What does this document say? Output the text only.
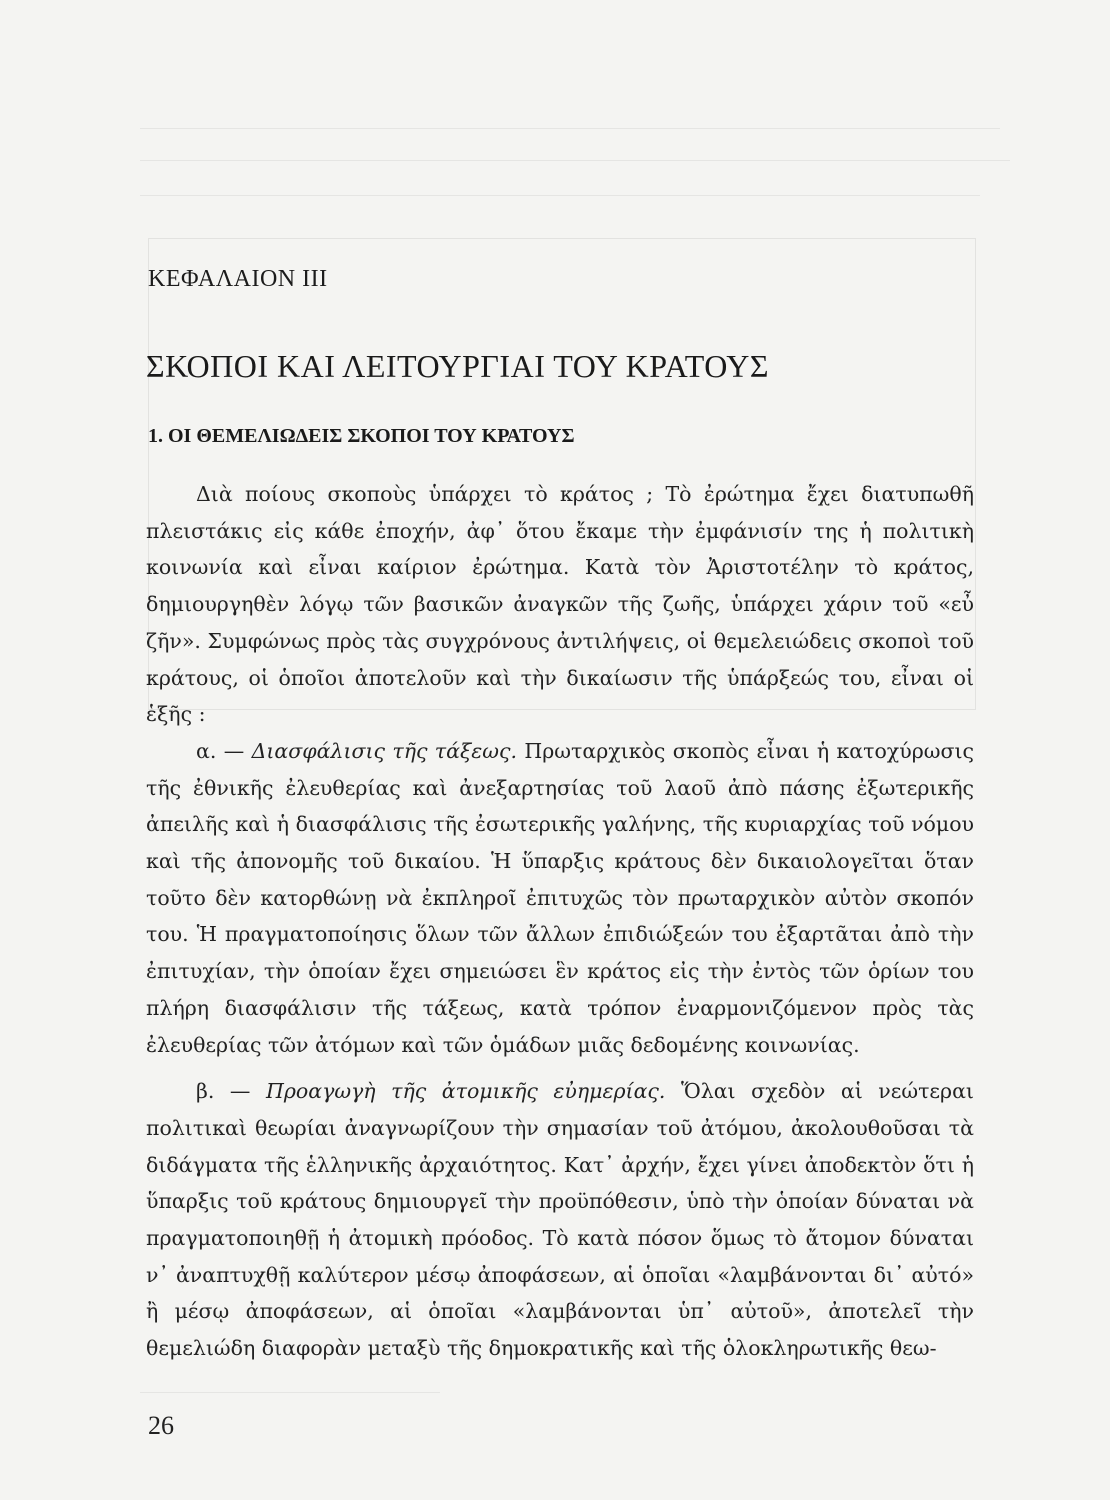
ΚΕΦΑΛΑΙΟΝ III
ΣΚΟΠΟΙ ΚΑΙ ΛΕΙΤΟΥΡΓΙΑΙ ΤΟΥ ΚΡΑΤΟΥΣ
1. ΟΙ ΘΕΜΕΛΙΩΔΕΙΣ ΣΚΟΠΟΙ ΤΟΥ ΚΡΑΤΟΥΣ

Διὰ ποίους σκοποὺς ὑπάρχει τὸ κράτος ; Τὸ ἐρώτημα ἔχει διατυπωθῆ πλειστάκις εἰς κάθε ἐποχήν, ἀφ᾽ ὅτου ἔκαμε τὴν ἐμφάνισίν της ἡ πολιτικὴ κοινωνία καὶ εἶναι καίριον ἐρώτημα. Κατὰ τὸν Ἀριστοτέλην τὸ κράτος, δημιουργηθὲν λόγῳ τῶν βασικῶν ἀναγκῶν τῆς ζωῆς, ὑπάρχει χάριν τοῦ «εὖ ζῆν». Συμφώνως πρὸς τὰς συγχρόνους ἀντιλήψεις, οἱ θεμελειώδεις σκοποὶ τοῦ κράτους, οἱ ὁποῖοι ἀποτελοῦν καὶ τὴν δικαίωσιν τῆς ὑπάρξεώς του, εἶναι οἱ ἑξῆς :

α. — Διασφάλισις τῆς τάξεως. Πρωταρχικὸς σκοπὸς εἶναι ἡ κατοχύρωσις τῆς ἐθνικῆς ἐλευθερίας καὶ ἀνεξαρτησίας τοῦ λαοῦ ἀπὸ πάσης ἐξωτερικῆς ἀπειλῆς καὶ ἡ διασφάλισις τῆς ἐσωτερικῆς γαλήνης, τῆς κυριαρχίας τοῦ νόμου καὶ τῆς ἀπονομῆς τοῦ δικαίου. Ἡ ὕπαρξις κράτους δὲν δικαιολογεῖται ὅταν τοῦτο δὲν κατορθώνῃ νὰ ἐκπληροῖ ἐπιτυχῶς τὸν πρωταρχικὸν αὐτὸν σκοπόν του. Ἡ πραγματοποίησις ὅλων τῶν ἄλλων ἐπιδιώξεών του ἐξαρτᾶται ἀπὸ τὴν ἐπιτυχίαν, τὴν ὁποίαν ἔχει σημειώσει ἓν κράτος εἰς τὴν ἐντὸς τῶν ὁρίων του πλήρη διασφάλισιν τῆς τάξεως, κατὰ τρόπον ἐναρμονιζόμενον πρὸς τὰς ἐλευθερίας τῶν ἀτόμων καὶ τῶν ὁμάδων μιᾶς δεδομένης κοινωνίας.

β. — Προαγωγὴ τῆς ἀτομικῆς εὐημερίας. Ὅλαι σχεδὸν αἱ νεώτεραι πολιτικαὶ θεωρίαι ἀναγνωρίζουν τὴν σημασίαν τοῦ ἀτόμου, ἀκολουθοῦσαι τὰ διδάγματα τῆς ἑλληνικῆς ἀρχαιότητος. Κατ᾽ ἀρχήν, ἔχει γίνει ἀποδεκτὸν ὅτι ἡ ὕπαρξις τοῦ κράτους δημιουργεῖ τὴν προϋπόθεσιν, ὑπὸ τὴν ὁποίαν δύναται νὰ πραγματοποιηθῇ ἡ ἀτομικὴ πρόοδος. Τὸ κατὰ πόσον ὅμως τὸ ἄτομον δύναται ν᾽ ἀναπτυχθῇ καλύτερον μέσῳ ἀποφάσεων, αἱ ὁποῖαι «λαμβάνονται δι᾽ αὐτό» ἢ μέσῳ ἀποφάσεων, αἱ ὁποῖαι «λαμβάνονται ὑπ᾽ αὐτοῦ», ἀποτελεῖ τὴν θεμελιώδη διαφορὰν μεταξὺ τῆς δημοκρατικῆς καὶ τῆς ὁλοκληρωτικῆς θεω-

26
